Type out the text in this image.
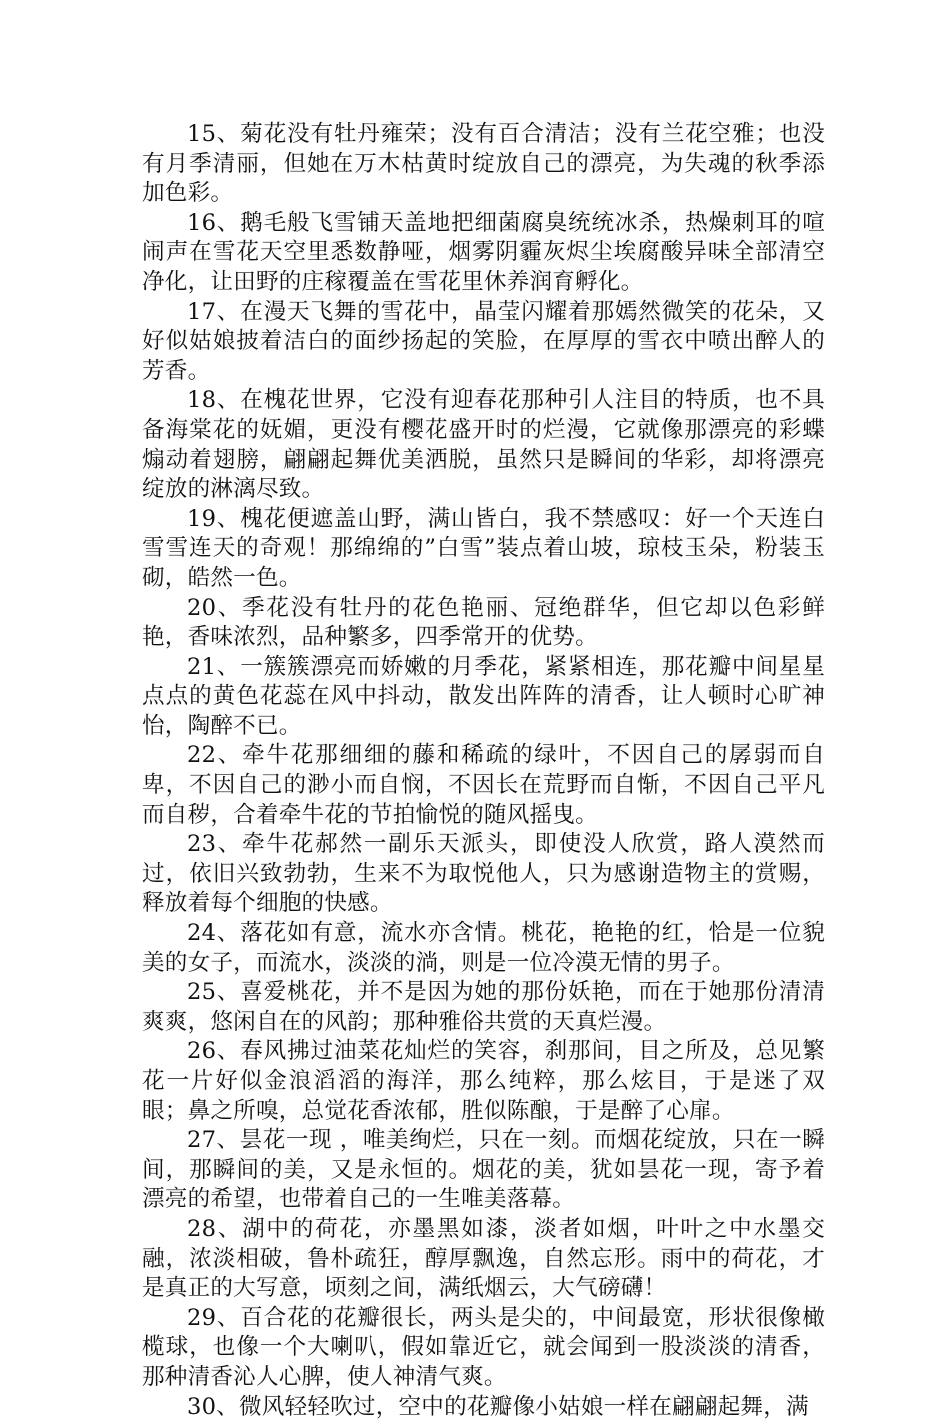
15、菊花没有牡丹雍荣；没有百合清洁；没有兰花空雅；也没有月季清丽，但她在万木枯黄时绽放自己的漂亮，为失魂的秋季添加色彩。

16、鹅毛般飞雪铺天盖地把细菌腐臭统统冰杀，热燥刺耳的喧闹声在雪花天空里悉数静哑，烟雾阴霾灰烬尘埃腐酸异味全部清空净化，让田野的庄稼覆盖在雪花里休养润育孵化。

17、在漫天飞舞的雪花中，晶莹闪耀着那嫣然微笑的花朵，又好似姑娘披着洁白的面纱扬起的笑脸，在厚厚的雪衣中喷出醉人的芳香。

18、在槐花世界，它没有迎春花那种引人注目的特质，也不具备海棠花的妩媚，更没有樱花盛开时的烂漫，它就像那漂亮的彩蝶煽动着翅膀，翩翩起舞优美洒脱，虽然只是瞬间的华彩，却将漂亮绽放的淋漓尽致。

19、槐花便遮盖山野，满山皆白，我不禁感叹：好一个天连白雪雪连天的奇观！那绵绵的”白雪”装点着山坡，琼枝玉朵，粉装玉砌，皓然一色。

20、季花没有牡丹的花色艳丽、冠绝群华，但它却以色彩鲜艳，香味浓烈，品种繁多，四季常开的优势。

21、一簇簇漂亮而娇嫩的月季花，紧紧相连，那花瓣中间星星点点的黄色花蕊在风中抖动，散发出阵阵的清香，让人顿时心旷神怡，陶醉不已。

22、牵牛花那细细的藤和稀疏的绿叶，不因自己的孱弱而自卑，不因自己的渺小而自悯，不因长在荒野而自惭，不因自己平凡而自秽，合着牵牛花的节拍愉悦的随风摇曳。

23、牵牛花郝然一副乐天派头，即使没人欣赏，路人漠然而过，依旧兴致勃勃，生来不为取悦他人，只为感谢造物主的赏赐，释放着每个细胞的快感。

24、落花如有意，流水亦含情。桃花，艳艳的红，恰是一位貌美的女子，而流水，淡淡的淌，则是一位冷漠无情的男子。

25、喜爱桃花，并不是因为她的那份妖艳，而在于她那份清清爽爽，悠闲自在的风韵；那种雅俗共赏的天真烂漫。

26、春风拂过油菜花灿烂的笑容，刹那间，目之所及，总见繁花一片好似金浪滔滔的海洋，那么纯粹，那么炫目，于是迷了双眼；鼻之所嗅，总觉花香浓郁，胜似陈酿，于是醉了心扉。

27、昙花一现 ，唯美绚烂，只在一刻。而烟花绽放，只在一瞬间，那瞬间的美，又是永恒的。烟花的美，犹如昙花一现，寄予着漂亮的希望，也带着自己的一生唯美落幕。

28、湖中的荷花，亦墨黑如漆，淡者如烟，叶叶之中水墨交融，浓淡相破，鲁朴疏狂，醇厚飘逸，自然忘形。雨中的荷花，才是真正的大写意，顷刻之间，满纸烟云，大气磅礴！

29、百合花的花瓣很长，两头是尖的，中间最宽，形状很像橄榄球，也像一个大喇叭，假如靠近它，就会闻到一股淡淡的清香，那种清香沁人心脾，使人神清气爽。

30、微风轻轻吹过，空中的花瓣像小姑娘一样在翩翩起舞，满
